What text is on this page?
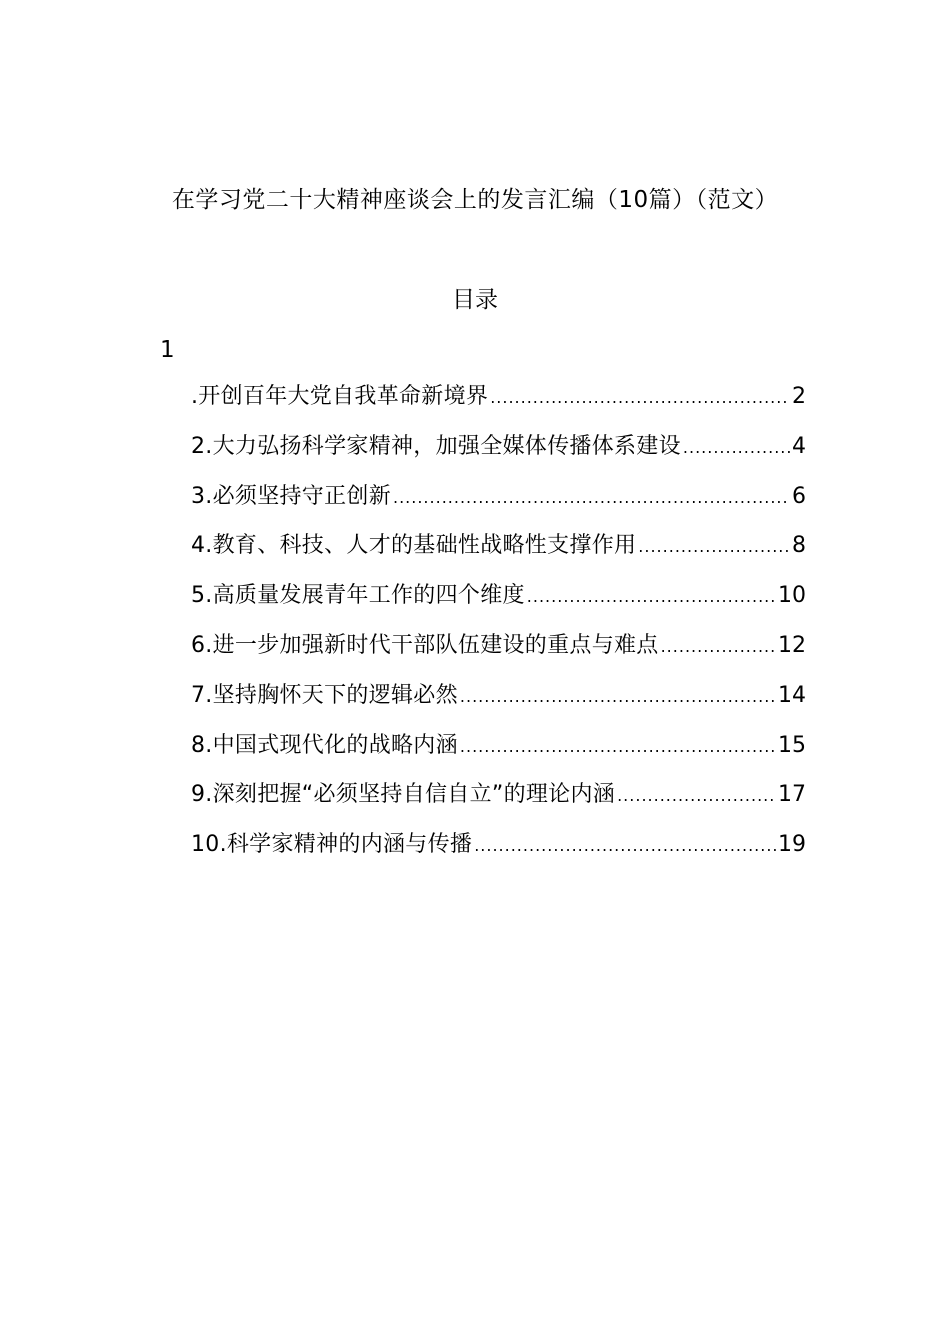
在学习党二十大精神座谈会上的发言汇编（10篇）（范文）
目录
1
.开创百年大党自我革命新境界 .....	2
2.大力弘扬科学家精神，加强全媒体传播体系建设 .....	4
3.必须坚持守正创新 .....	6
4.教育、科技、人才的基础性战略性支撑作用 .....	8
5.高质量发展青年工作的四个维度 .....	10
6.进一步加强新时代干部队伍建设的重点与难点 .....	12
7.坚持胸怀天下的逻辑必然 .....	14
8.中国式现代化的战略内涵 .....	15
9.深刻把握“必须坚持自信自立”的理论内涵 .....	17
10.科学家精神的内涵与传播 .....	19
